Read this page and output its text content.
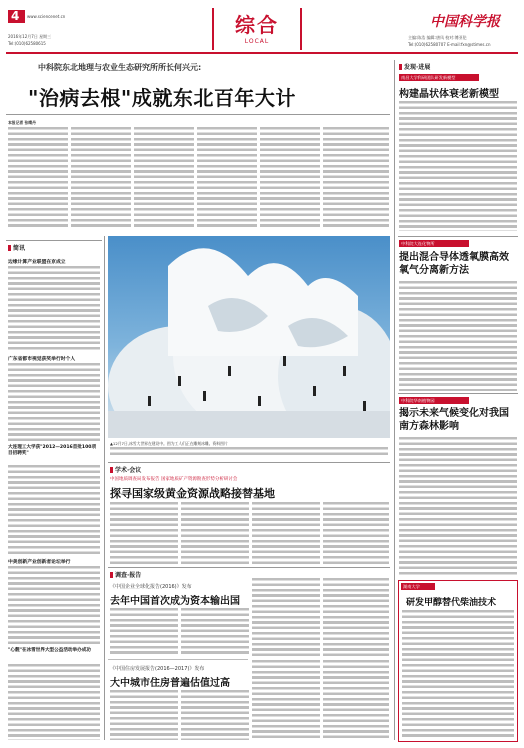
4 www.sciencenet.cn
2016年12月7日 星期三
Tel:(010)62580615
综合
LOCAL
中国科学报
主编:陈浩 编辑:唐凤 校对:傅亚伦
Tel:(010)62580707 E-mail:fxn@stimes.cn
中科院东北地理与农业生态研究所所长何兴元:
"治病去根"成就东北百年大计
本报记者 张晴丹
简讯
边缘计算产业联盟在京成立
广东省都市视觉获奖举行时个人
大连理工大学获"2012—2016首批100项目招聘奖"
中美创新产业创新者论坛举行
"心靓"在冰雪世界大型公益活动举办成功
▲12月7日,冰雪大世界在建设中。图为工人们正在雕刻冰雕。资料图片
学术·会议
中国地质调查局发布报告 国家地质矿产资源勘查形势分析研讨会
探寻国家级黄金资源战略接替基地
调查·报告
《中国企业全球化报告(2016)》发布
去年中国首次成为资本输出国
《中国住房发展报告(2016—2017)》发布
大中城市住房普遍估值过高
发现·进展
南昌大学科研团队研发新模型
构建晶状体衰老新模型
中科院大连化物所
提出混合导体透氧膜高效氧气分离新方法
中科院华南植物园
揭示未来气候变化对我国南方森林影响
湖南大学
研发甲醇替代柴油技术
